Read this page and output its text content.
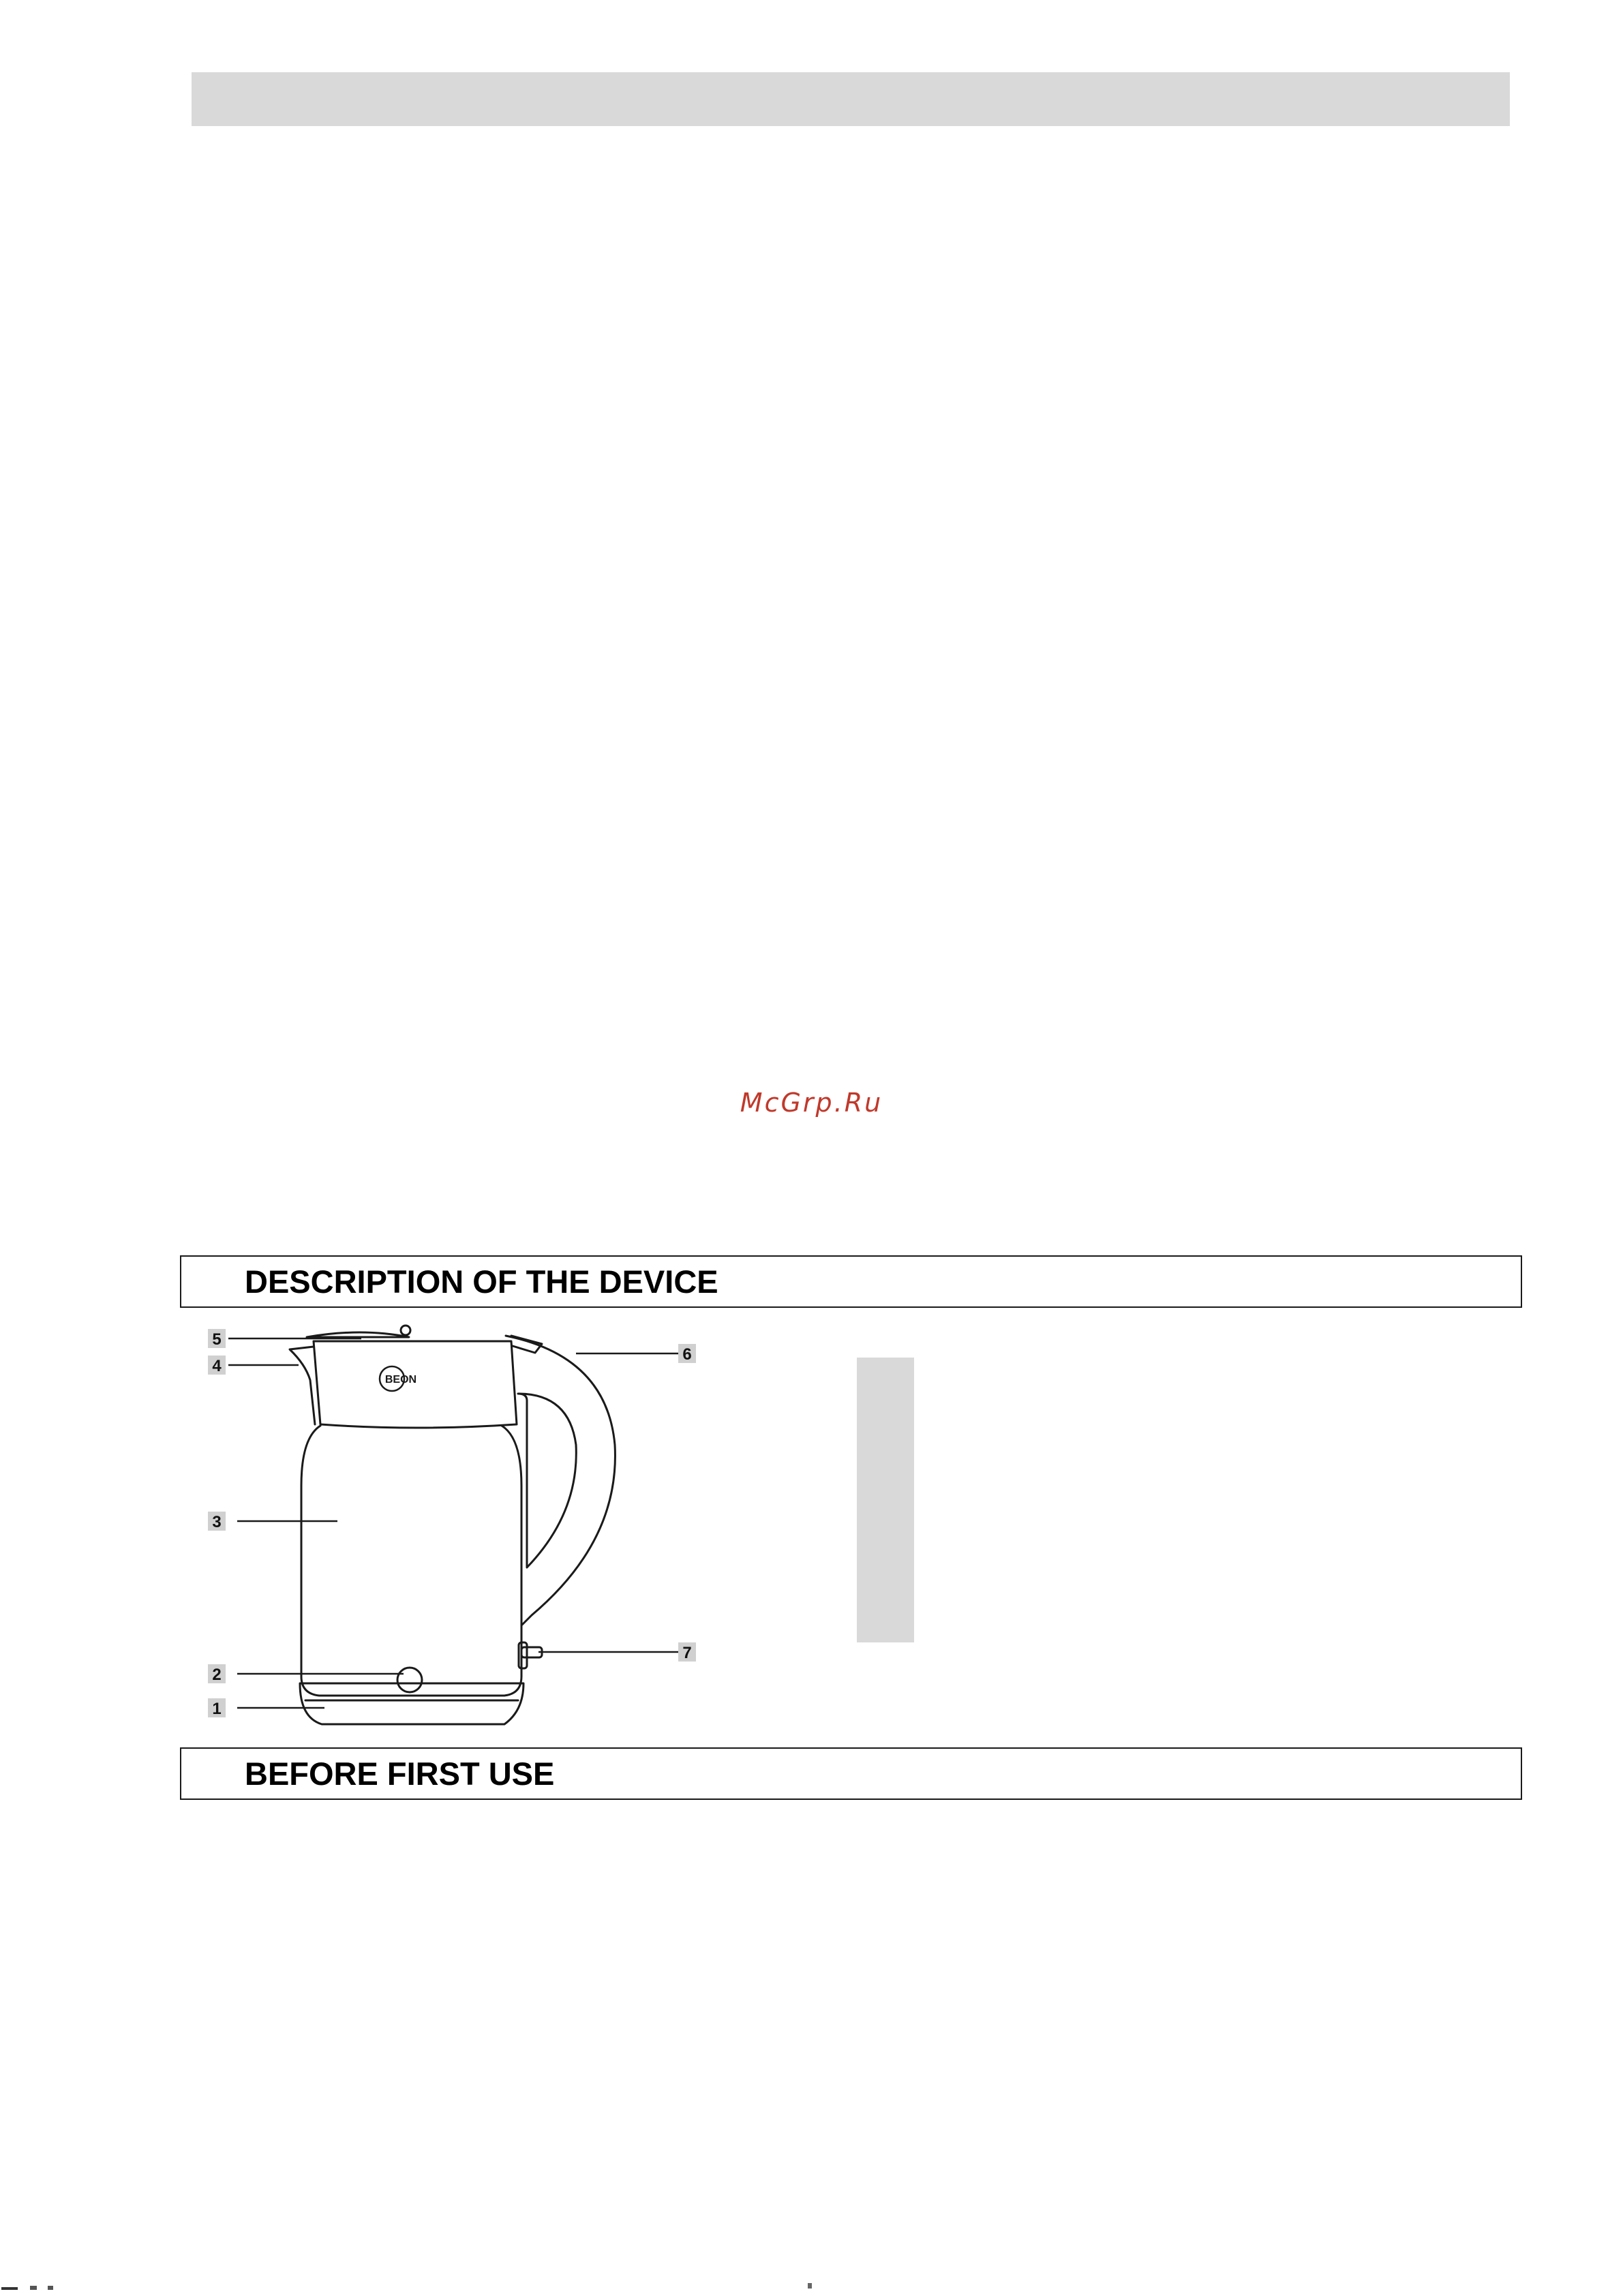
McGrp.Ru
DESCRIPTION OF THE DEVICE
BEON
5
4
3
2
1
6
7
BEFORE FIRST USE
